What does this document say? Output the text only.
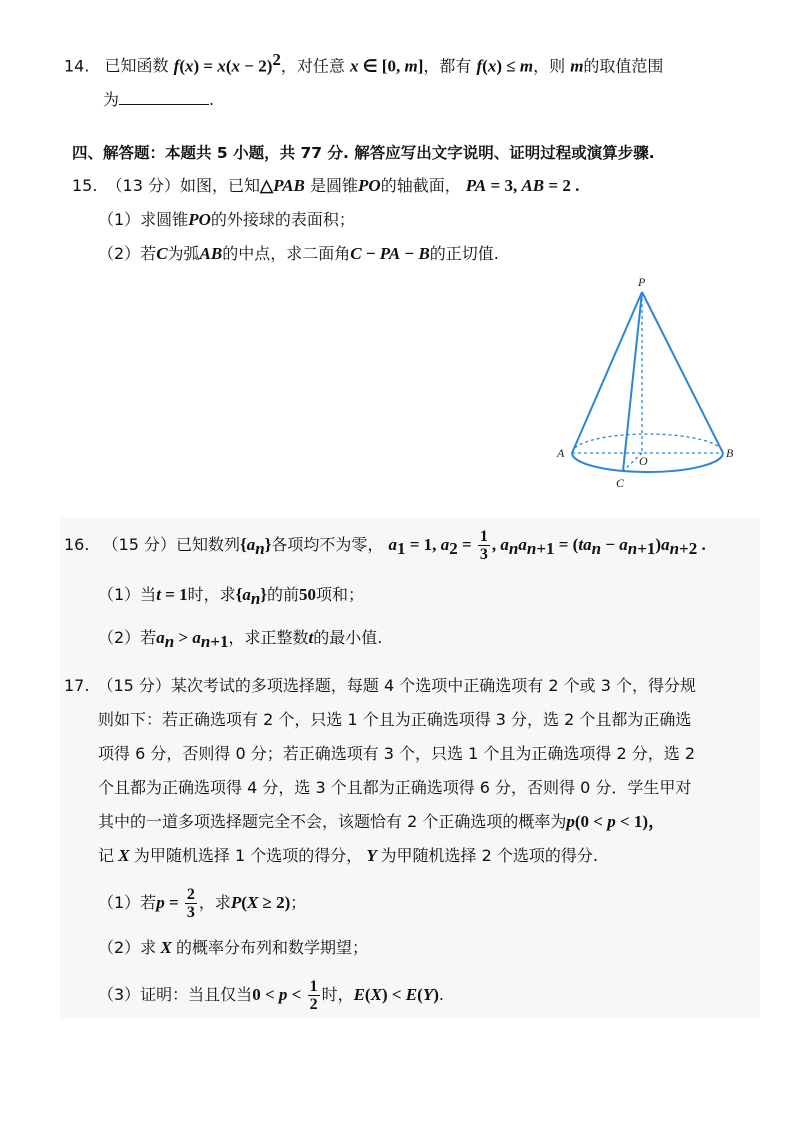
14. 已知函数 $f(x) = x(x - 2)^2$，对任意 x ∈ [0, m]，都有 f(x) ≤ m，则 m的取值范围
为	.
四、解答题：本题共 5 小题，共 77 分. 解答应写出文字说明、证明过程或演算步骤.
15. （13 分）如图，已知△PAB 是圆锥PO的轴截面， PA = 3, AB = 2 .
（1）求圆锥PO的外接球的表面积；
（2）若C为弧AB的中点，求二面角C − PA − B的正切值.
P
A	B
O
C
16. （15 分）已知数列$\{a_n\}$各项均不为零， $a_1 = 1$, $a_2 = \frac{1}{3}$ , $a_na_{n+1} = (ta_n - a_{n+1})a_{n+2}$ .
（1）当t = 1时，求$\{a_n\}$的前50项和；
（2）若$a_n > a_{n+1}$，求正整数t的最小值.
17. （15 分）某次考试的多项选择题，每题 4 个选项中正确选项有 2 个或 3 个，得分规
则如下：若正确选项有 2 个，只选 1 个且为正确选项得 3 分，选 2 个且都为正确选
项得 6 分，否则得 0 分；若正确选项有 3 个，只选 1 个且为正确选项得 2 分，选 2
个且都为正确选项得 4 分，选 3 个且都为正确选项得 6 分，否则得 0 分．学生甲对
其中的一道多项选择题完全不会，该题恰有 2 个正确选项的概率为p(0 < p < 1)，
记 X 为甲随机选择 1 个选项的得分， Y 为甲随机选择 2 个选项的得分.
（1）若$p = \frac{2}{3}$ ，求P(X ≥ 2)；
（2）求 X 的概率分布列和数学期望；
（3）证明：当且仅当$0 < p < \frac{1}{2}$ 时，E(X) < E(Y).
